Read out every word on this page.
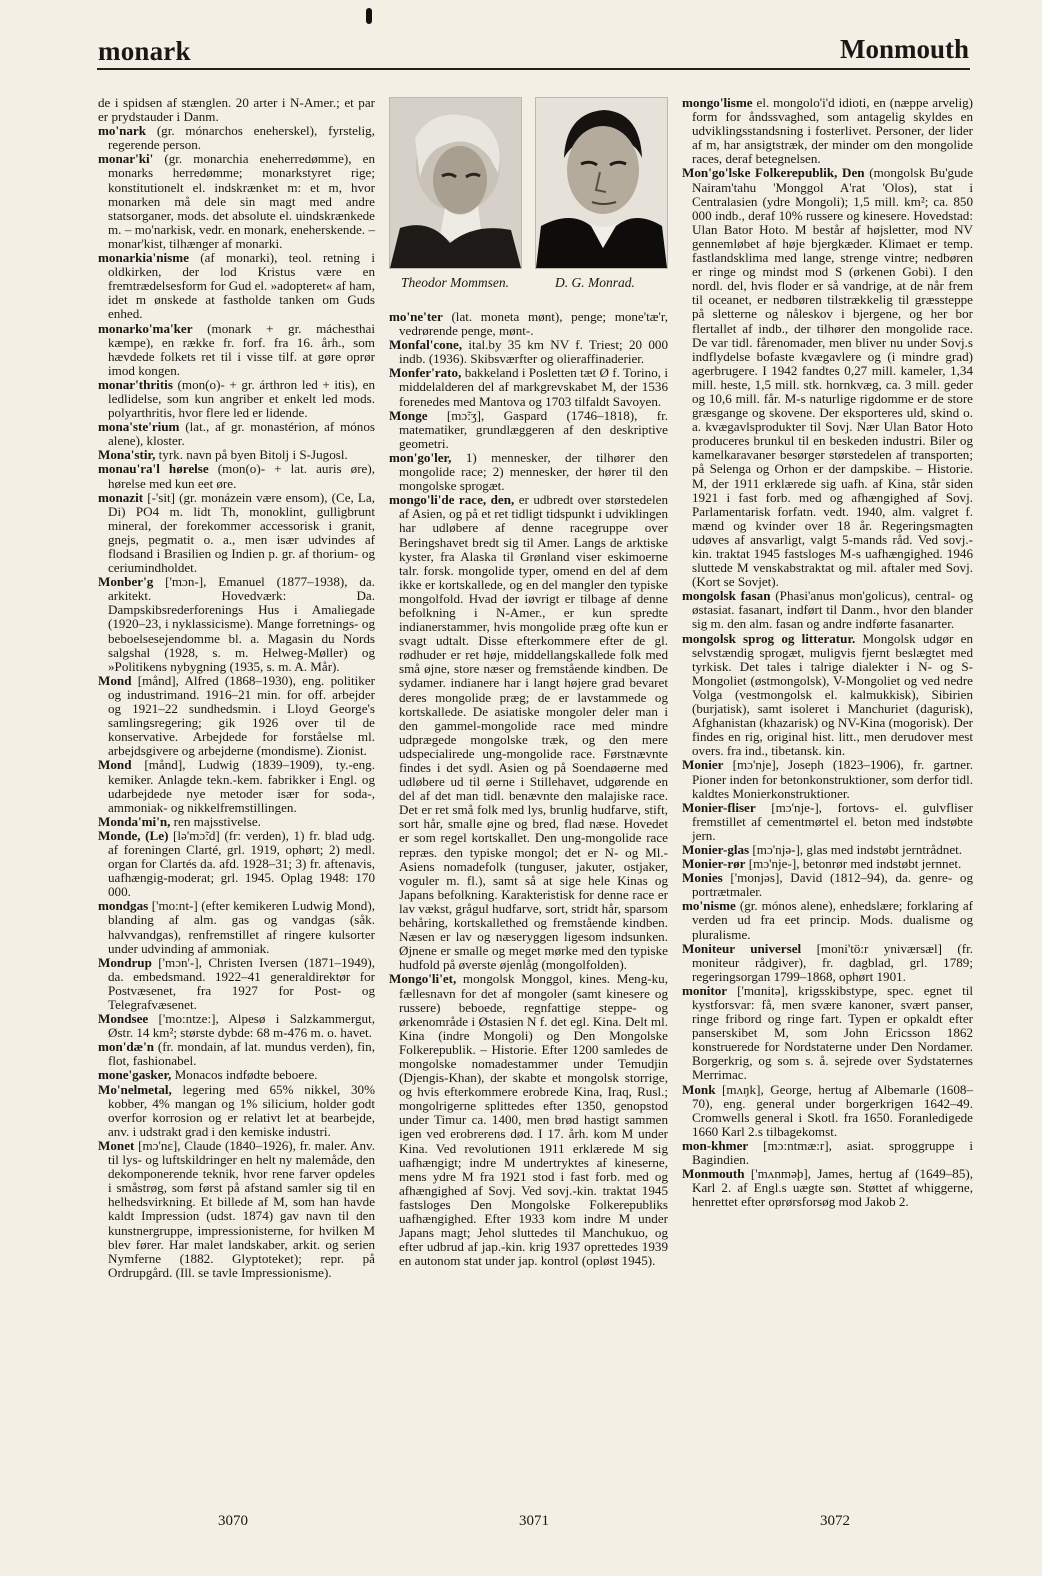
monark	Monmouth

de i spidsen af stænglen. 20 arter i N-Amer.; et par er prydstauder i Danm.

mo'nark (gr. mónarchos eneherskel), fyrstelig, regerende person.

monar'ki' (gr. monarchia eneherredømme), en monarks herredømme; monarkstyret rige; konstitutionelt el. indskrænket m: et m, hvor monarken må dele sin magt med andre statsorganer, mods. det absolute el. uindskrænkede m. – mo'narkisk, vedr. en monark, eneherskende. – monar'kist, tilhænger af monarki.

monarkia'nisme (af monarki), teol. retning i oldkirken, der lod Kristus være en fremtrædelsesform for Gud el. »adopteret« af ham, idet m ønskede at fastholde tanken om Guds enhed.

monarko'ma'ker (monark + gr. máchesthai kæmpe), en række fr. forf. fra 16. årh., som hævdede folkets ret til i visse tilf. at gøre oprør imod kongen.

monar'thritis (mon(o)- + gr. árthron led + itis), en ledlidelse, som kun angriber et enkelt led mods. polyarthritis, hvor flere led er lidende.

mona'ste'rium (lat., af gr. monastérion, af mónos alene), kloster.

Mona'stir, tyrk. navn på byen Bitolj i S-Jugosl.

monau'ra'l hørelse (mon(o)- + lat. auris øre), hørelse med kun eet øre.

monazit [-'sit] (gr. monázein være ensom), (Ce, La, Di) PO4 m. lidt Th, monoklint, gulligbrunt mineral, der forekommer accessorisk i granit, gnejs, pegmatit o. a., men især udvindes af flodsand i Brasilien og Indien p. gr. af thorium- og ceriumindholdet.

Monber'g ['mɔn-], Emanuel (1877–1938), da. arkitekt. Hovedværk: Da. Dampskibsrederforenings Hus i Amaliegade (1920–23, i nyklassicisme). Mange forretnings- og beboelsesejendomme bl. a. Magasin du Nords salgshal (1928, s. m. Helweg-Møller) og »Politikens nybygning (1935, s. m. A. Mår).

Mond [månd], Alfred (1868–1930), eng. politiker og industrimand. 1916–21 min. for off. arbejder og 1921–22 sundhedsmin. i Lloyd George's samlingsregering; gik 1926 over til de konservative. Arbejdede for forståelse ml. arbejdsgivere og arbejderne (mondisme). Zionist.

Mond [månd], Ludwig (1839–1909), ty.-eng. kemiker. Anlagde tekn.-kem. fabrikker i Engl. og udarbejdede nye metoder især for soda-, ammoniak- og nikkelfremstillingen.

Monda'mi'n, ren majsstivelse.

Monde, (Le) [lə'mɔ̃:d] (fr: verden), 1) fr. blad udg. af foreningen Clarté, grl. 1919, ophørt; 2) medl. organ for Clartés da. afd. 1928–31; 3) fr. aftenavis, uafhængig-moderat; grl. 1945. Oplag 1948: 170 000.

mondgas ['mo:nt-] (efter kemikeren Ludwig Mond), blanding af alm. gas og vandgas (såk. halvvandgas), renfremstillet af ringere kulsorter under udvinding af ammoniak.

Mondrup ['mɔn'-], Christen Iversen (1871–1949), da. embedsmand. 1922–41 generaldirektør for Postvæsenet, fra 1927 for Post- og Telegrafvæsenet.

Mondsee ['mo:ntze:], Alpesø i Salzkammergut, Østr. 14 km²; største dybde: 68 m-476 m. o. havet.

mon'dæ'n (fr. mondain, af lat. mundus verden), fin, flot, fashionabel.

mone'gasker, Monacos indfødte beboere.

Mo'nelmetal, legering med 65% nikkel, 30% kobber, 4% mangan og 1% silicium, holder godt overfor korrosion og er relativt let at bearbejde, anv. i udstrakt grad i den kemiske industri.

Monet [mɔ'nɛ], Claude (1840–1926), fr. maler. Anv. til lys- og luftskildringer en helt ny malemåde, den dekomponerende teknik, hvor rene farver opdeles i småstrøg, som først på afstand samler sig til en helhedsvirkning. Et billede af M, som han havde kaldt Impression (udst. 1874) gav navn til den kunstnergruppe, impressionisterne, for hvilken M blev fører. Har malet landskaber, arkit. og serien Nymferne (1882. Glyptoteket); repr. på Ordrupgård. (Ill. se tavle Impressionisme).

Theodor Mommsen.	D. G. Monrad.

mo'ne'ter (lat. moneta mønt), penge; mone'tæ'r, vedrørende penge, mønt-.

Monfal'cone, ital.by 35 km NV f. Triest; 20 000 indb. (1936). Skibsværfter og olieraffinaderier.

Monfer'rato, bakkeland i Posletten tæt Ø f. Torino, i middelalderen del af markgrevskabet M, der 1536 forenedes med Mantova og 1703 tilfaldt Savoyen.

Monge [mɔ̃:ʒ], Gaspard (1746–1818), fr. matematiker, grundlæggeren af den deskriptive geometri.

mon'go'ler, 1) mennesker, der tilhører den mongolide race; 2) mennesker, der hører til den mongolske sprogæt.

mongo'li'de race, den, er udbredt over størstedelen af Asien, og på et ret tidligt tidspunkt i udviklingen har udløbere af denne racegruppe over Beringshavet bredt sig til Amer. Langs de arktiske kyster, fra Alaska til Grønland viser eskimoerne talr. forsk. mongolide typer, omend en del af dem ikke er kortskallede, og en del mangler den typiske mongolfold. Hvad der iøvrigt er tilbage af denne befolkning i N-Amer., er kun spredte indianerstammer, hvis mongolide præg ofte kun er svagt udtalt. Disse efterkommere efter de gl. rødhuder er ret høje, middellangskallede folk med små øjne, store næser og fremstående kindben. De sydamer. indianere har i langt højere grad bevaret deres mongolide præg; de er lavstammede og kortskallede. De asiatiske mongoler deler man i den gammel-mongolide race med mindre udprægede mongolske træk, og den mere udspecialirede ung-mongolide race. Førstnævnte findes i det sydl. Asien og på Soendaøerne med udløbere ud til øerne i Stillehavet, udgørende en del af det man tidl. benævnte den malajiske race. Det er ret små folk med lys, brunlig hudfarve, stift, sort hår, smalle øjne og bred, flad næse. Hovedet er som regel kortskallet. Den ung-mongolide race repræs. den typiske mongol; det er N- og Ml.-Asiens nomadefolk (tunguser, jakuter, ostjaker, voguler m. fl.), samt så at sige hele Kinas og Japans befolkning. Karakteristisk for denne race er lav vækst, grågul hudfarve, sort, stridt hår, sparsom behåring, kortskallethed og fremstående kindben. Næsen er lav og næseryggen ligesom indsunken. Øjnene er smalle og meget mørke med den typiske hudfold på øverste øjenlåg (mongolfolden).

Mongo'li'et, mongolsk Monggol, kines. Meng-ku, fællesnavn for det af mongoler (samt kinesere og russere) beboede, regnfattige steppe- og ørkenområde i Østasien N f. det egl. Kina. Delt ml. Kina (indre Mongoli) og Den Mongolske Folkerepublik. – Historie. Efter 1200 samledes de mongolske nomadestammer under Temudjin (Djengis-Khan), der skabte et mongolsk storrige, og hvis efterkommere erobrede Kina, Iraq, Rusl.; mongolrigerne splittedes efter 1350, genopstod under Timur ca. 1400, men brød hastigt sammen igen ved erobrerens død. I 17. årh. kom M under Kina. Ved revolutionen 1911 erklærede M sig uafhængigt; indre M undertryktes af kineserne, mens ydre M fra 1921 stod i fast forb. med og afhængighed af Sovj. Ved sovj.-kin. traktat 1945 fastsloges Den Mongolske Folkerepubliks uafhængighed. Efter 1933 kom indre M under Japans magt; Jehol sluttedes til Manchukuo, og efter udbrud af jap.-kin. krig 1937 oprettedes 1939 en autonom stat under jap. kontrol (opløst 1945).

mongo'lisme el. mongolo'i'd idioti, en (næppe arvelig) form for åndssvaghed, som antagelig skyldes en udviklingsstandsning i fosterlivet. Personer, der lider af m, har ansigtstræk, der minder om den mongolide races, deraf betegnelsen.

Mon'go'lske Folkerepublik, Den (mongolsk Bu'gude Nairam'tahu 'Monggol A'rat 'Olos), stat i Centralasien (ydre Mongoli); 1,5 mill. km²; ca. 850 000 indb., deraf 10% russere og kinesere. Hovedstad: Ulan Bator Hoto. M består af højsletter, mod NV gennemløbet af høje bjergkæder. Klimaet er temp. fastlandsklima med lange, strenge vintre; nedbøren er ringe og mindst mod S (ørkenen Gobi). I den nordl. del, hvis floder er så vandrige, at de når frem til oceanet, er nedbøren tilstrækkelig til græssteppe på sletterne og nåleskov i bjergene, og her bor flertallet af indb., der tilhører den mongolide race. De var tidl. fårenomader, men bliver nu under Sovj.s indflydelse bofaste kvægavlere og (i mindre grad) agerbrugere. I 1942 fandtes 0,27 mill. kameler, 1,34 mill. heste, 1,5 mill. stk. hornkvæg, ca. 3 mill. geder og 10,6 mill. får. M-s naturlige rigdomme er de store græsgange og skovene. Der eksporteres uld, skind o. a. kvægavlsprodukter til Sovj. Nær Ulan Bator Hoto produceres brunkul til en beskeden industri. Biler og kamelkaravaner besørger størstedelen af transporten; på Selenga og Orhon er der dampskibe. – Historie. M, der 1911 erklærede sig uafh. af Kina, står siden 1921 i fast forb. med og afhængighed af Sovj. Parlamentarisk forfatn. vedt. 1940, alm. valgret f. mænd og kvinder over 18 år. Regeringsmagten udøves af ansvarligt, valgt 5-mands råd. Ved sovj.-kin. traktat 1945 fastsloges M-s uafhængighed. 1946 sluttede M venskabstraktat og mil. aftaler med Sovj. (Kort se Sovjet).

mongolsk fasan (Phasi'anus mon'golicus), central- og østasiat. fasanart, indført til Danm., hvor den blander sig m. den alm. fasan og andre indførte fasanarter.

mongolsk sprog og litteratur. Mongolsk udgør en selvstændig sprogæt, muligvis fjernt beslægtet med tyrkisk. Det tales i talrige dialekter i N- og S-Mongoliet (østmongolsk), V-Mongoliet og ved nedre Volga (vestmongolsk el. kalmukkisk), Sibirien (burjatisk), samt isoleret i Manchuriet (dagurisk), Afghanistan (khazarisk) og NV-Kina (mogorisk). Der findes en rig, original hist. litt., men derudover mest overs. fra ind., tibetansk. kin.

Monier [mɔ'nje], Joseph (1823–1906), fr. gartner. Pioner inden for betonkonstruktioner, som derfor tidl. kaldtes Monierkonstruktioner.

Monier-fliser [mɔ'nje-], fortovs- el. gulvfliser fremstillet af cementmørtel el. beton med indstøbte jern.

Monier-glas [mɔ'njə-], glas med indstøbt jerntrådnet.

Monier-rør [mɔ'nje-], betonrør med indstøbt jernnet.

Monies ['monjəs], David (1812–94), da. genre- og portrætmaler.

mo'nisme (gr. mónos alene), enhedslære; forklaring af verden ud fra eet princip. Mods. dualisme og pluralisme.

Moniteur universel [moni'tö:r yniværsæl] (fr. moniteur rådgiver), fr. dagblad, grl. 1789; regeringsorgan 1799–1868, ophørt 1901.

monitor ['mɑnitə], krigsskibstype, spec. egnet til kystforsvar: få, men svære kanoner, svært panser, ringe fribord og ringe fart. Typen er opkaldt efter panserskibet M, som John Ericsson 1862 konstruerede for Nordstaterne under Den Nordamer. Borgerkrig, og som s. å. sejrede over Sydstaternes Merrimac.

Monk [mʌŋk], George, hertug af Albemarle (1608–70), eng. general under borgerkrigen 1642–49. Cromwells general i Skotl. fra 1650. Foranledigede 1660 Karl 2.s tilbagekomst.

mon-khmer [mɔ:ntmæ:r], asiat. sproggruppe i Bagindien.

Monmouth ['mʌnməþ], James, hertug af (1649–85), Karl 2. af Engl.s uægte søn. Støttet af whiggerne, henrettet efter oprørsforsøg mod Jakob 2.

3070	3071	3072
